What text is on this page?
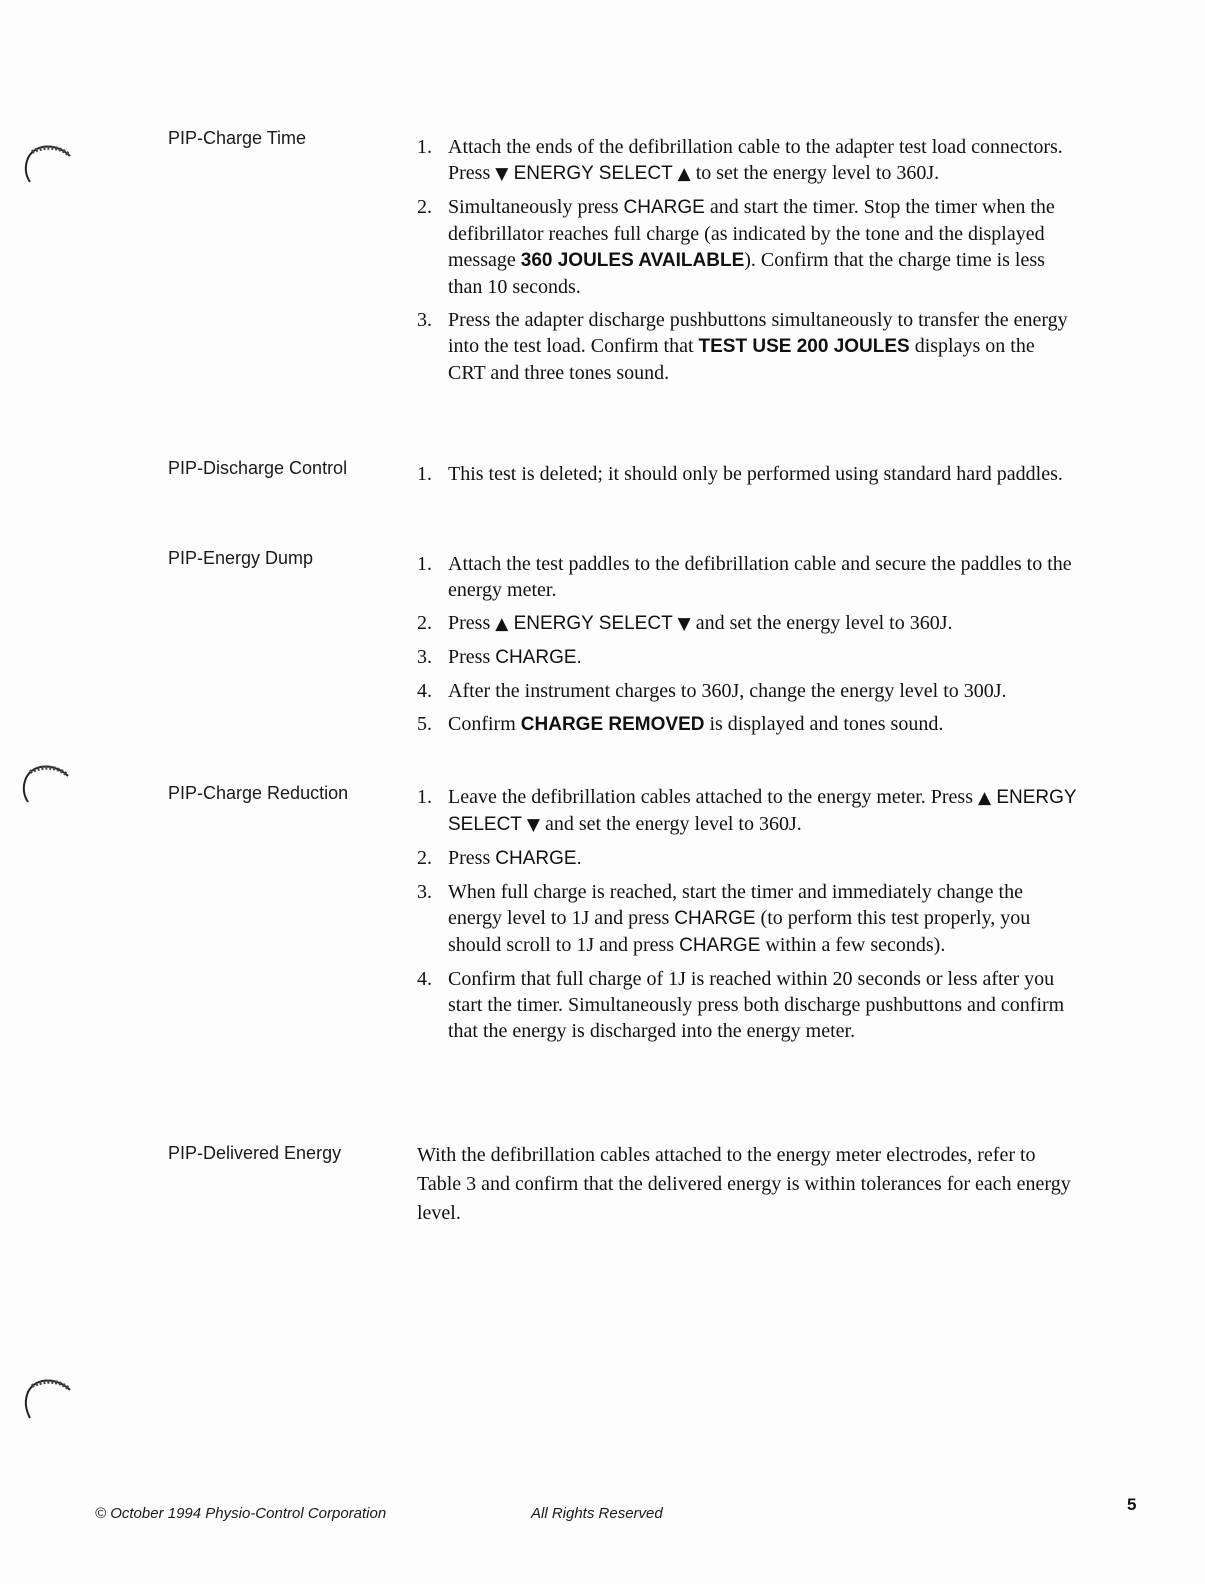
PIP-Charge Time
PIP-Discharge Control
PIP-Energy Dump
PIP-Charge Reduction
PIP-Delivered Energy
1. Attach the ends of the defibrillation cable to the adapter test load connectors. Press ▼ ENERGY SELECT ▲ to set the energy level to 360J.
2. Simultaneously press CHARGE and start the timer. Stop the timer when the defibrillator reaches full charge (as indicated by the tone and the displayed message 360 JOULES AVAILABLE). Confirm that the charge time is less than 10 seconds.
3. Press the adapter discharge pushbuttons simultaneously to transfer the energy into the test load. Confirm that TEST USE 200 JOULES displays on the CRT and three tones sound.
1. This test is deleted; it should only be performed using standard hard paddles.
1. Attach the test paddles to the defibrillation cable and secure the paddles to the energy meter.
2. Press ▲ ENERGY SELECT ▼ and set the energy level to 360J.
3. Press CHARGE.
4. After the instrument charges to 360J, change the energy level to 300J.
5. Confirm CHARGE REMOVED is displayed and tones sound.
1. Leave the defibrillation cables attached to the energy meter. Press ▲ ENERGY SELECT ▼ and set the energy level to 360J.
2. Press CHARGE.
3. When full charge is reached, start the timer and immediately change the energy level to 1J and press CHARGE (to perform this test properly, you should scroll to 1J and press CHARGE within a few seconds).
4. Confirm that full charge of 1J is reached within 20 seconds or less after you start the timer. Simultaneously press both discharge pushbuttons and confirm that the energy is discharged into the energy meter.
With the defibrillation cables attached to the energy meter electrodes, refer to Table 3 and confirm that the delivered energy is within tolerances for each energy level.
© October 1994 Physio-Control Corporation	All Rights Reserved	5
